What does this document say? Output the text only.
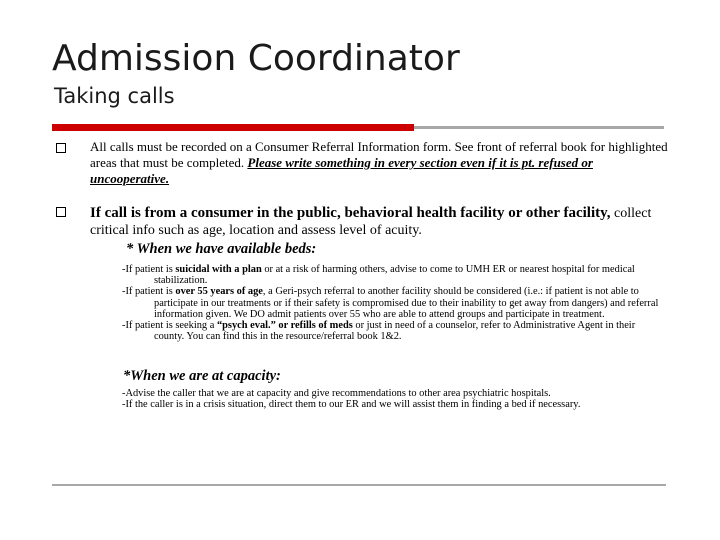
Admission Coordinator
Taking calls
All calls must be recorded on a Consumer Referral Information form. See front of referral book for highlighted areas that must be completed. Please write something in every section even if it is pt. refused or uncooperative.
If call is from a consumer in the public, behavioral health facility or other facility, collect critical info such as age, location and assess level of acuity.
* When we have available beds:

-If patient is suicidal with a plan or at a risk of harming others, advise to come to UMH ER or nearest hospital for medical stabilization.

-If patient is over 55 years of age, a Geri-psych referral to another facility should be considered (i.e.: if patient is not able to participate in our treatments or if their safety is compromised due to their inability to get away from dangers) and referral information given. We DO admit patients over 55 who are able to attend groups and participate in treatment.

-If patient is seeking a “psych eval.” or refills of meds or just in need of a counselor, refer to Administrative Agent in their county. You can find this in the resource/referral book 1&2.

*When we are at capacity:

-Advise the caller that we are at capacity and give recommendations to other area psychiatric hospitals.

-If the caller is in a crisis situation, direct them to our ER and we will assist them in finding a bed if necessary.
